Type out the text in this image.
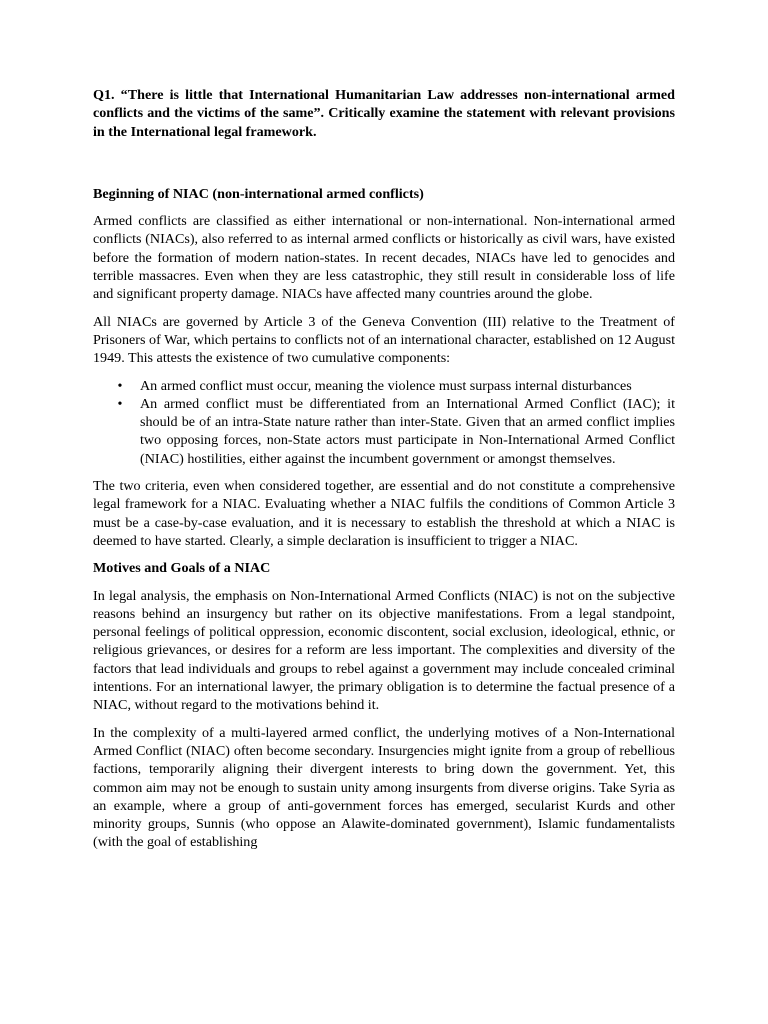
Q1. “There is little that International Humanitarian Law addresses non-international armed conflicts and the victims of the same”. Critically examine the statement with relevant provisions in the International legal framework.

Beginning of NIAC (non-international armed conflicts)

Armed conflicts are classified as either international or non-international. Non-international armed conflicts (NIACs), also referred to as internal armed conflicts or historically as civil wars, have existed before the formation of modern nation-states. In recent decades, NIACs have led to genocides and terrible massacres. Even when they are less catastrophic, they still result in considerable loss of life and significant property damage. NIACs have affected many countries around the globe.

All NIACs are governed by Article 3 of the Geneva Convention (III) relative to the Treatment of Prisoners of War, which pertains to conflicts not of an international character, established on 12 August 1949. This attests the existence of two cumulative components:

• An armed conflict must occur, meaning the violence must surpass internal disturbances
• An armed conflict must be differentiated from an International Armed Conflict (IAC); it should be of an intra-State nature rather than inter-State. Given that an armed conflict implies two opposing forces, non-State actors must participate in Non-International Armed Conflict (NIAC) hostilities, either against the incumbent government or amongst themselves.

The two criteria, even when considered together, are essential and do not constitute a comprehensive legal framework for a NIAC. Evaluating whether a NIAC fulfils the conditions of Common Article 3 must be a case-by-case evaluation, and it is necessary to establish the threshold at which a NIAC is deemed to have started. Clearly, a simple declaration is insufficient to trigger a NIAC.

Motives and Goals of a NIAC

In legal analysis, the emphasis on Non-International Armed Conflicts (NIAC) is not on the subjective reasons behind an insurgency but rather on its objective manifestations. From a legal standpoint, personal feelings of political oppression, economic discontent, social exclusion, ideological, ethnic, or religious grievances, or desires for a reform are less important. The complexities and diversity of the factors that lead individuals and groups to rebel against a government may include concealed criminal intentions. For an international lawyer, the primary obligation is to determine the factual presence of a NIAC, without regard to the motivations behind it.

In the complexity of a multi-layered armed conflict, the underlying motives of a Non-International Armed Conflict (NIAC) often become secondary. Insurgencies might ignite from a group of rebellious factions, temporarily aligning their divergent interests to bring down the government. Yet, this common aim may not be enough to sustain unity among insurgents from diverse origins. Take Syria as an example, where a group of anti-government forces has emerged, secularist Kurds and other minority groups, Sunnis (who oppose an Alawite-dominated government), Islamic fundamentalists (with the goal of establishing
